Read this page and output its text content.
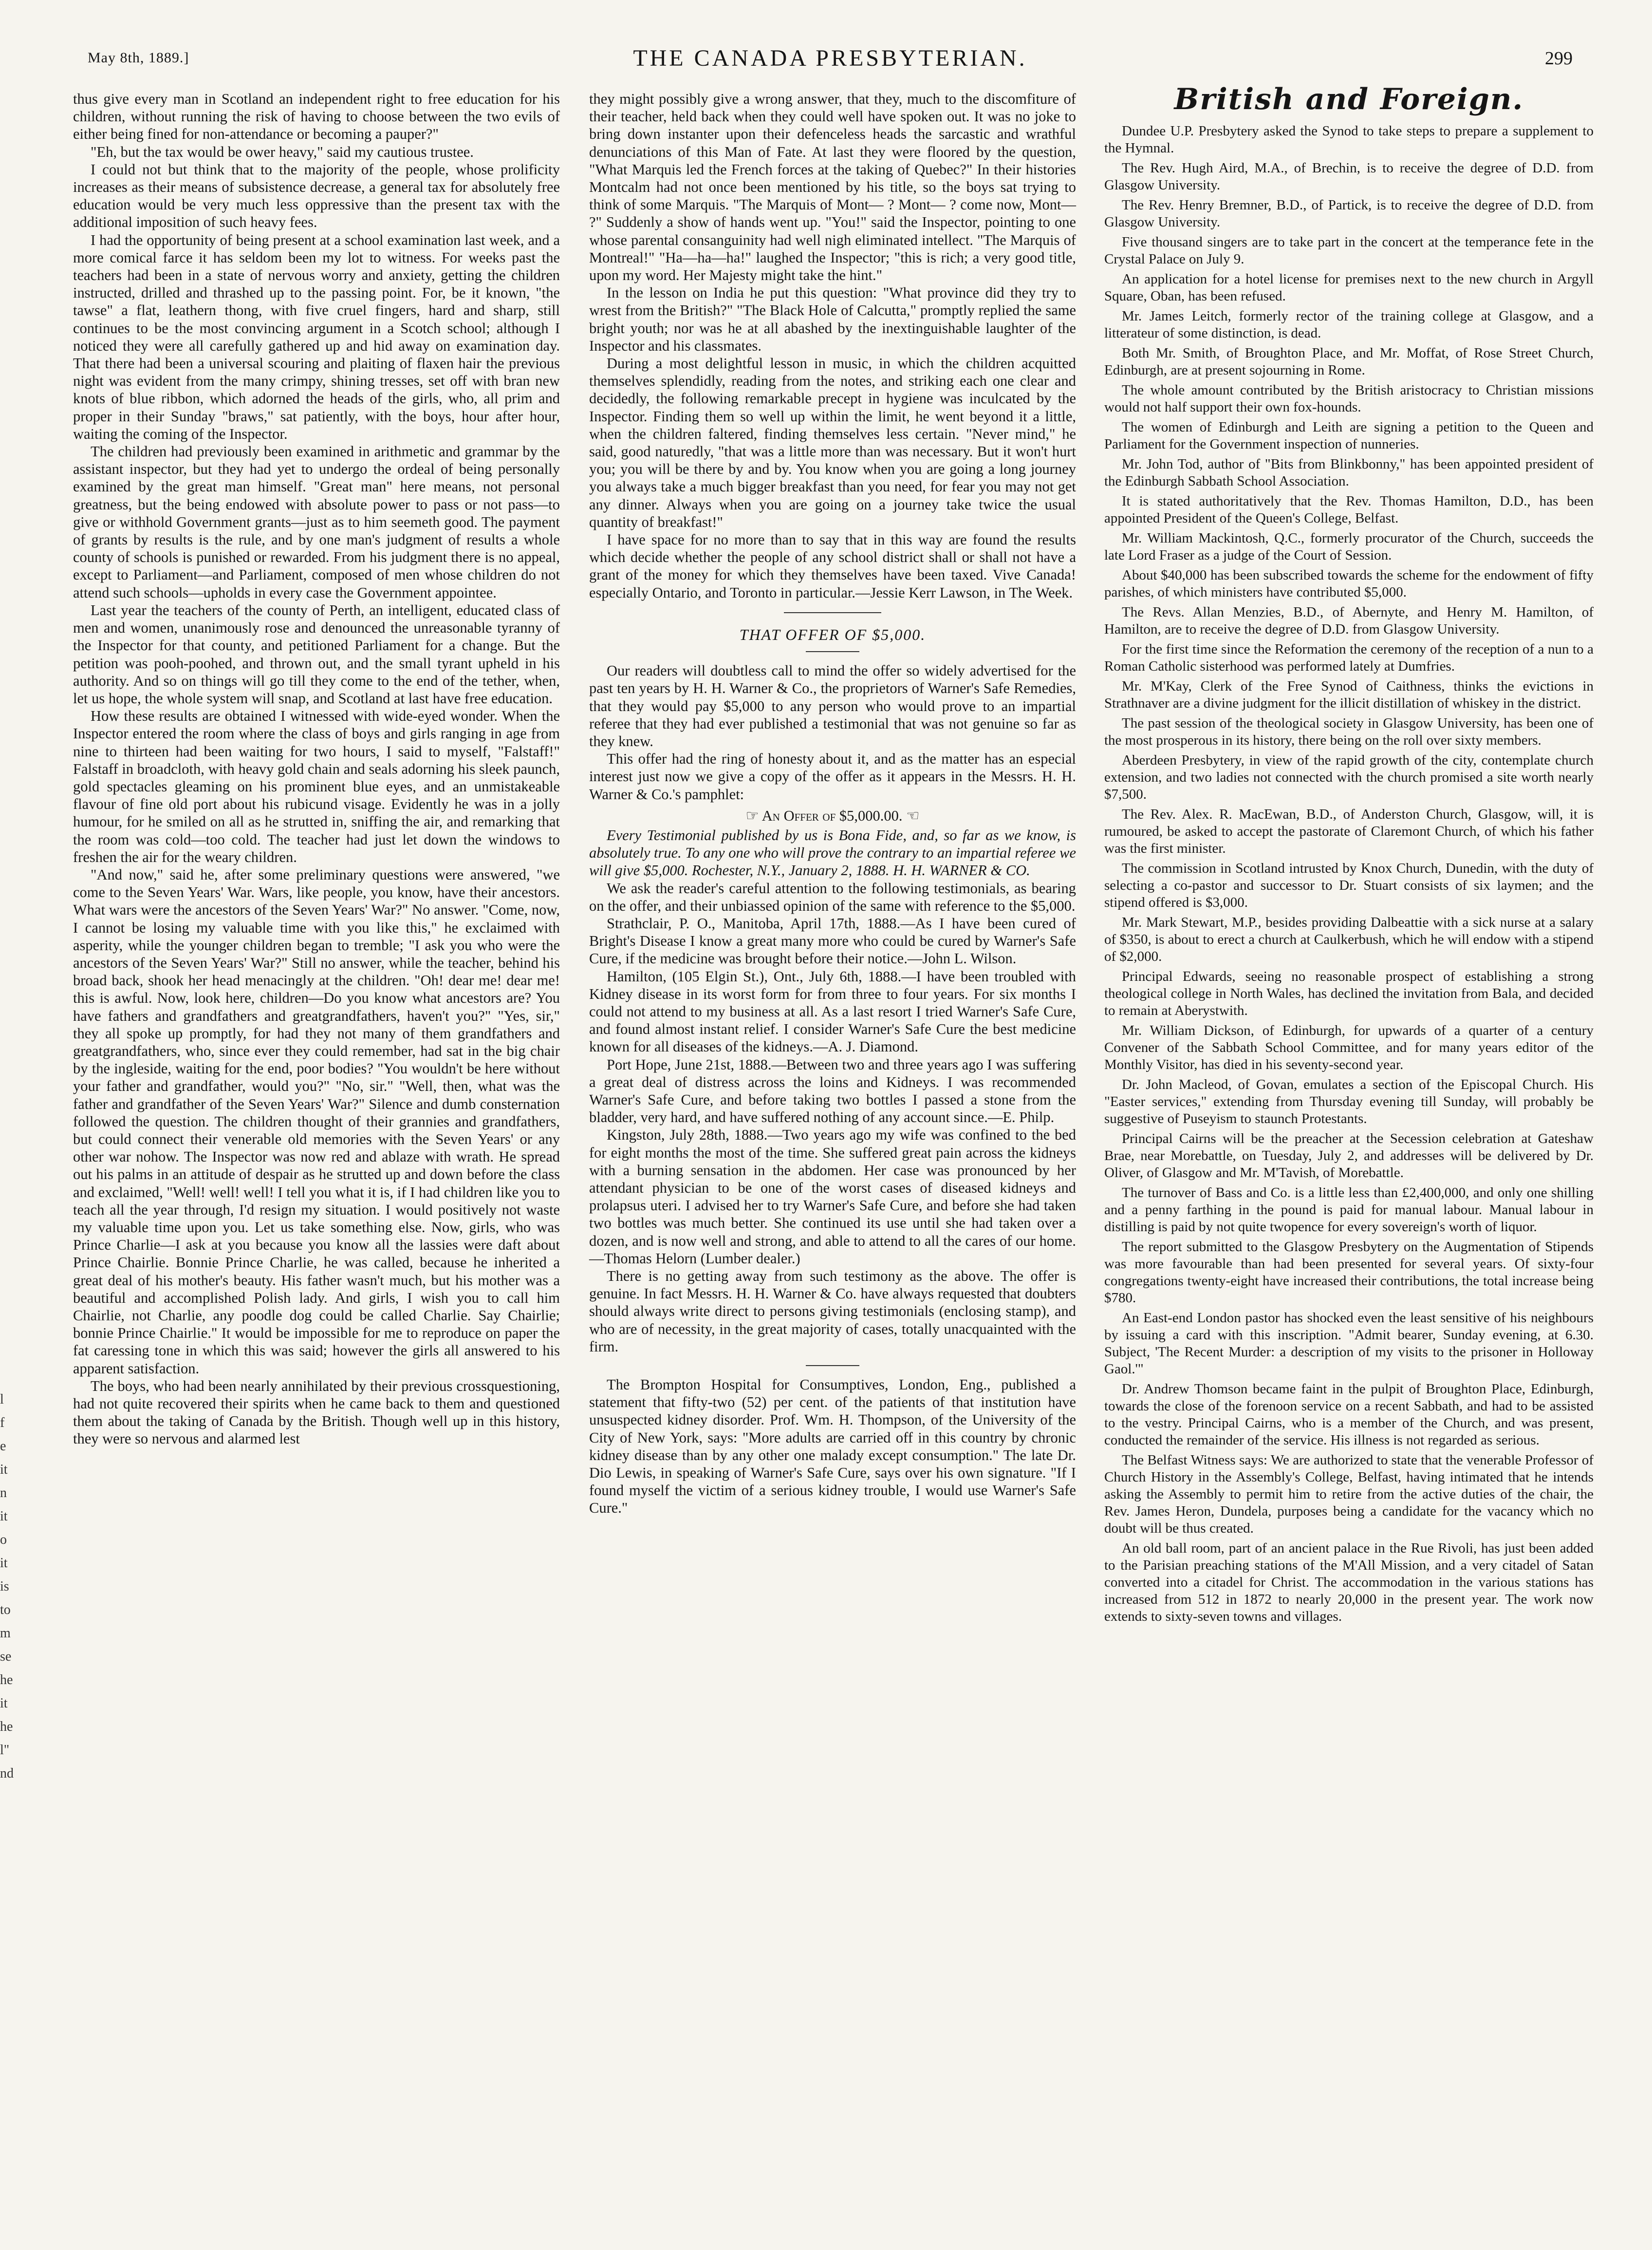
May 8th, 1889.]	THE CANADA PRESBYTERIAN.	299

thus give every man in Scotland an independent right to free education for his children, without running the risk of having to choose between the two evils of either being fined for non-attendance or becoming a pauper?"

"Eh, but the tax would be ower heavy," said my cautious trustee.

I could not but think that to the majority of the people, whose prolificity increases as their means of subsistence decrease, a general tax for absolutely free education would be very much less oppressive than the present tax with the additional imposition of such heavy fees.

I had the opportunity of being present at a school examination last week, and a more comical farce it has seldom been my lot to witness. For weeks past the teachers had been in a state of nervous worry and anxiety, getting the children instructed, drilled and thrashed up to the passing point. For, be it known, "the tawse" a flat, leathern thong, with five cruel fingers, hard and sharp, still continues to be the most convincing argument in a Scotch school; although I noticed they were all carefully gathered up and hid away on examination day. That there had been a universal scouring and plaiting of flaxen hair the previous night was evident from the many crimpy, shining tresses, set off with bran new knots of blue ribbon, which adorned the heads of the girls, who, all prim and proper in their Sunday "braws," sat patiently, with the boys, hour after hour, waiting the coming of the Inspector.

The children had previously been examined in arithmetic and grammar by the assistant inspector, but they had yet to undergo the ordeal of being personally examined by the great man himself. "Great man" here means, not personal greatness, but the being endowed with absolute power to pass or not pass—to give or withhold Government grants—just as to him seemeth good. The payment of grants by results is the rule, and by one man's judgment of results a whole county of schools is punished or rewarded. From his judgment there is no appeal, except to Parliament—and Parliament, composed of men whose children do not attend such schools—upholds in every case the Government appointee.

Last year the teachers of the county of Perth, an intelligent, educated class of men and women, unanimously rose and denounced the unreasonable tyranny of the Inspector for that county, and petitioned Parliament for a change. But the petition was pooh-poohed, and thrown out, and the small tyrant upheld in his authority. And so on things will go till they come to the end of the tether, when, let us hope, the whole system will snap, and Scotland at last have free education.

How these results are obtained I witnessed with wide-eyed wonder. When the Inspector entered the room where the class of boys and girls ranging in age from nine to thirteen had been waiting for two hours, I said to myself, "Falstaff!" Falstaff in broadcloth, with heavy gold chain and seals adorning his sleek paunch, gold spectacles gleaming on his prominent blue eyes, and an unmistakeable flavour of fine old port about his rubicund visage. Evidently he was in a jolly humour, for he smiled on all as he strutted in, sniffing the air, and remarking that the room was cold—too cold. The teacher had just let down the windows to freshen the air for the weary children.

"And now," said he, after some preliminary questions were answered, "we come to the Seven Years' War. Wars, like people, you know, have their ancestors. What wars were the ancestors of the Seven Years' War?" No answer. "Come, now, I cannot be losing my valuable time with you like this," he exclaimed with asperity, while the younger children began to tremble; "I ask you who were the ancestors of the Seven Years' War?" Still no answer, while the teacher, behind his broad back, shook her head menacingly at the children. "Oh! dear me! dear me! this is awful. Now, look here, children—Do you know what ancestors are? You have fathers and grandfathers and greatgrandfathers, haven't you?" "Yes, sir," they all spoke up promptly, for had they not many of them grandfathers and greatgrandfathers, who, since ever they could remember, had sat in the big chair by the ingleside, waiting for the end, poor bodies? "You wouldn't be here without your father and grandfather, would you?" "No, sir." "Well, then, what was the father and grandfather of the Seven Years' War?" Silence and dumb consternation followed the question. The children thought of their grannies and grandfathers, but could connect their venerable old memories with the Seven Years' or any other war nohow. The Inspector was now red and ablaze with wrath. He spread out his palms in an attitude of despair as he strutted up and down before the class and exclaimed, "Well! well! well! I tell you what it is, if I had children like you to teach all the year through, I'd resign my situation. I would positively not waste my valuable time upon you. Let us take something else. Now, girls, who was Prince Charlie—I ask at you because you know all the lassies were daft about Prince Chairlie. Bonnie Prince Charlie, he was called, because he inherited a great deal of his mother's beauty. His father wasn't much, but his mother was a beautiful and accomplished Polish lady. And girls, I wish you to call him Chairlie, not Charlie, any poodle dog could be called Charlie. Say Chairlie; bonnie Prince Chairlie." It would be impossible for me to reproduce on paper the fat caressing tone in which this was said; however the girls all answered to his apparent satisfaction.

The boys, who had been nearly annihilated by their previous crossquestioning, had not quite recovered their spirits when he came back to them and questioned them about the taking of Canada by the British. Though well up in this history, they were so nervous and alarmed lest

they might possibly give a wrong answer, that they, much to the discomfiture of their teacher, held back when they could well have spoken out. It was no joke to bring down instanter upon their defenceless heads the sarcastic and wrathful denunciations of this Man of Fate. At last they were floored by the question, "What Marquis led the French forces at the taking of Quebec?" In their histories Montcalm had not once been mentioned by his title, so the boys sat trying to think of some Marquis. "The Marquis of Mont— ? Mont— ? come now, Mont— ?" Suddenly a show of hands went up. "You!" said the Inspector, pointing to one whose parental consanguinity had well nigh eliminated intellect. "The Marquis of Montreal!" "Ha—ha—ha!" laughed the Inspector; "this is rich; a very good title, upon my word. Her Majesty might take the hint."

In the lesson on India he put this question: "What province did they try to wrest from the British?" "The Black Hole of Calcutta," promptly replied the same bright youth; nor was he at all abashed by the inextinguishable laughter of the Inspector and his classmates.

During a most delightful lesson in music, in which the children acquitted themselves splendidly, reading from the notes, and striking each one clear and decidedly, the following remarkable precept in hygiene was inculcated by the Inspector. Finding them so well up within the limit, he went beyond it a little, when the children faltered, finding themselves less certain. "Never mind," he said, good naturedly, "that was a little more than was necessary. But it won't hurt you; you will be there by and by. You know when you are going a long journey you always take a much bigger breakfast than you need, for fear you may not get any dinner. Always when you are going on a journey take twice the usual quantity of breakfast!"

I have space for no more than to say that in this way are found the results which decide whether the people of any school district shall or shall not have a grant of the money for which they themselves have been taxed. Vive Canada! especially Ontario, and Toronto in particular.—Jessie Kerr Lawson, in The Week.

THAT OFFER OF $5,000.

Our readers will doubtless call to mind the offer so widely advertised for the past ten years by H. H. Warner & Co., the proprietors of Warner's Safe Remedies, that they would pay $5,000 to any person who would prove to an impartial referee that they had ever published a testimonial that was not genuine so far as they knew.

This offer had the ring of honesty about it, and as the matter has an especial interest just now we give a copy of the offer as it appears in the Messrs. H. H. Warner & Co.'s pamphlet:

☞ An Offer of $5,000.00. ☜

Every Testimonial published by us is Bona Fide, and, so far as we know, is absolutely true. To any one who will prove the contrary to an impartial referee we will give $5,000. Rochester, N.Y., January 2, 1888. H. H. WARNER & CO.

We ask the reader's careful attention to the following testimonials, as bearing on the offer, and their unbiassed opinion of the same with reference to the $5,000.

Strathclair, P. O., Manitoba, April 17th, 1888.—As I have been cured of Bright's Disease I know a great many more who could be cured by Warner's Safe Cure, if the medicine was brought before their notice.—John L. Wilson.

Hamilton, (105 Elgin St.), Ont., July 6th, 1888.—I have been troubled with Kidney disease in its worst form for from three to four years. For six months I could not attend to my business at all. As a last resort I tried Warner's Safe Cure, and found almost instant relief. I consider Warner's Safe Cure the best medicine known for all diseases of the kidneys.—A. J. Diamond.

Port Hope, June 21st, 1888.—Between two and three years ago I was suffering a great deal of distress across the loins and Kidneys. I was recommended Warner's Safe Cure, and before taking two bottles I passed a stone from the bladder, very hard, and have suffered nothing of any account since.—E. Philp.

Kingston, July 28th, 1888.—Two years ago my wife was confined to the bed for eight months the most of the time. She suffered great pain across the kidneys with a burning sensation in the abdomen. Her case was pronounced by her attendant physician to be one of the worst cases of diseased kidneys and prolapsus uteri. I advised her to try Warner's Safe Cure, and before she had taken two bottles was much better. She continued its use until she had taken over a dozen, and is now well and strong, and able to attend to all the cares of our home.—Thomas Helorn (Lumber dealer.)

There is no getting away from such testimony as the above. The offer is genuine. In fact Messrs. H. H. Warner & Co. have always requested that doubters should always write direct to persons giving testimonials (enclosing stamp), and who are of necessity, in the great majority of cases, totally unacquainted with the firm.

The Brompton Hospital for Consumptives, London, Eng., published a statement that fifty-two (52) per cent. of the patients of that institution have unsuspected kidney disorder. Prof. Wm. H. Thompson, of the University of the City of New York, says: "More adults are carried off in this country by chronic kidney disease than by any other one malady except consumption." The late Dr. Dio Lewis, in speaking of Warner's Safe Cure, says over his own signature. "If I found myself the victim of a serious kidney trouble, I would use Warner's Safe Cure."

British and Foreign.

Dundee U.P. Presbytery asked the Synod to take steps to prepare a supplement to the Hymnal.

The Rev. Hugh Aird, M.A., of Brechin, is to receive the degree of D.D. from Glasgow University.

The Rev. Henry Bremner, B.D., of Partick, is to receive the degree of D.D. from Glasgow University.

Five thousand singers are to take part in the concert at the temperance fete in the Crystal Palace on July 9.

An application for a hotel license for premises next to the new church in Argyll Square, Oban, has been refused.

Mr. James Leitch, formerly rector of the training college at Glasgow, and a litterateur of some distinction, is dead.

Both Mr. Smith, of Broughton Place, and Mr. Moffat, of Rose Street Church, Edinburgh, are at present sojourning in Rome.

The whole amount contributed by the British aristocracy to Christian missions would not half support their own fox-hounds.

The women of Edinburgh and Leith are signing a petition to the Queen and Parliament for the Government inspection of nunneries.

Mr. John Tod, author of "Bits from Blinkbonny," has been appointed president of the Edinburgh Sabbath School Association.

It is stated authoritatively that the Rev. Thomas Hamilton, D.D., has been appointed President of the Queen's College, Belfast.

Mr. William Mackintosh, Q.C., formerly procurator of the Church, succeeds the late Lord Fraser as a judge of the Court of Session.

About $40,000 has been subscribed towards the scheme for the endowment of fifty parishes, of which ministers have contributed $5,000.

The Revs. Allan Menzies, B.D., of Abernyte, and Henry M. Hamilton, of Hamilton, are to receive the degree of D.D. from Glasgow University.

For the first time since the Reformation the ceremony of the reception of a nun to a Roman Catholic sisterhood was performed lately at Dumfries.

Mr. M'Kay, Clerk of the Free Synod of Caithness, thinks the evictions in Strathnaver are a divine judgment for the illicit distillation of whiskey in the district.

The past session of the theological society in Glasgow University, has been one of the most prosperous in its history, there being on the roll over sixty members.

Aberdeen Presbytery, in view of the rapid growth of the city, contemplate church extension, and two ladies not connected with the church promised a site worth nearly $7,500.

The Rev. Alex. R. MacEwan, B.D., of Anderston Church, Glasgow, will, it is rumoured, be asked to accept the pastorate of Claremont Church, of which his father was the first minister.

The commission in Scotland intrusted by Knox Church, Dunedin, with the duty of selecting a co-pastor and successor to Dr. Stuart consists of six laymen; and the stipend offered is $3,000.

Mr. Mark Stewart, M.P., besides providing Dalbeattie with a sick nurse at a salary of $350, is about to erect a church at Caulkerbush, which he will endow with a stipend of $2,000.

Principal Edwards, seeing no reasonable prospect of establishing a strong theological college in North Wales, has declined the invitation from Bala, and decided to remain at Aberystwith.

Mr. William Dickson, of Edinburgh, for upwards of a quarter of a century Convener of the Sabbath School Committee, and for many years editor of the Monthly Visitor, has died in his seventy-second year.

Dr. John Macleod, of Govan, emulates a section of the Episcopal Church. His "Easter services," extending from Thursday evening till Sunday, will probably be suggestive of Puseyism to staunch Protestants.

Principal Cairns will be the preacher at the Secession celebration at Gateshaw Brae, near Morebattle, on Tuesday, July 2, and addresses will be delivered by Dr. Oliver, of Glasgow and Mr. M'Tavish, of Morebattle.

The turnover of Bass and Co. is a little less than £2,400,000, and only one shilling and a penny farthing in the pound is paid for manual labour. Manual labour in distilling is paid by not quite twopence for every sovereign's worth of liquor.

The report submitted to the Glasgow Presbytery on the Augmentation of Stipends was more favourable than had been presented for several years. Of sixty-four congregations twenty-eight have increased their contributions, the total increase being $780.

An East-end London pastor has shocked even the least sensitive of his neighbours by issuing a card with this inscription. "Admit bearer, Sunday evening, at 6.30. Subject, 'The Recent Murder: a description of my visits to the prisoner in Holloway Gaol.'"

Dr. Andrew Thomson became faint in the pulpit of Broughton Place, Edinburgh, towards the close of the forenoon service on a recent Sabbath, and had to be assisted to the vestry. Principal Cairns, who is a member of the Church, and was present, conducted the remainder of the service. His illness is not regarded as serious.

The Belfast Witness says: We are authorized to state that the venerable Professor of Church History in the Assembly's College, Belfast, having intimated that he intends asking the Assembly to permit him to retire from the active duties of the chair, the Rev. James Heron, Dundela, purposes being a candidate for the vacancy which no doubt will be thus created.

An old ball room, part of an ancient palace in the Rue Rivoli, has just been added to the Parisian preaching stations of the M'All Mission, and a very citadel of Satan converted into a citadel for Christ. The accommodation in the various stations has increased from 512 in 1872 to nearly 20,000 in the present year. The work now extends to sixty-seven towns and villages.

l
f
e
it
n
it
o
it
is
to
m
se
he
it
he
l"
nd
